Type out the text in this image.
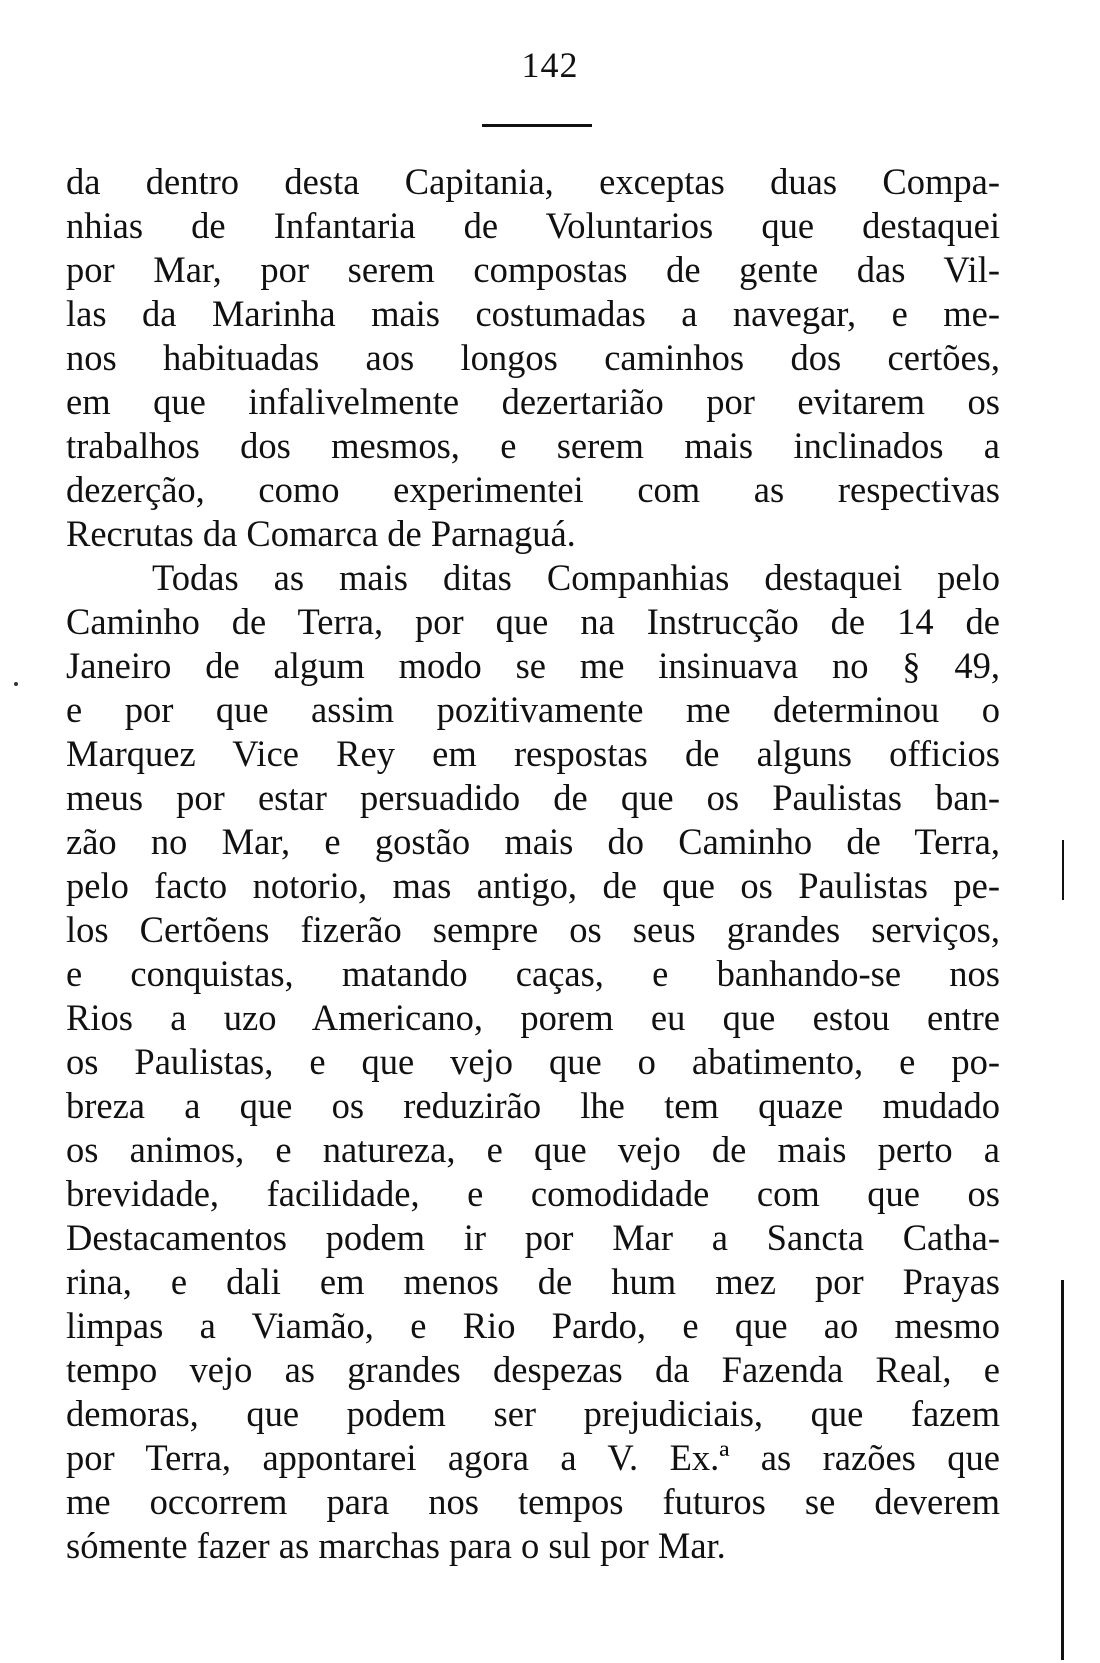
142
da dentro desta Capitania, exceptas duas Compa-
nhias de Infantaria de Voluntarios que destaquei
por Mar, por serem compostas de gente das Vil-
las da Marinha mais costumadas a navegar, e me-
nos habituadas aos longos caminhos dos certões,
em que infalivelmente dezertarião por evitarem os
trabalhos dos mesmos, e serem mais inclinados a
dezerção, como experimentei com as respectivas
Recrutas da Comarca de Parnaguá.
Todas as mais ditas Companhias destaquei pelo
Caminho de Terra, por que na Instrucção de 14 de
Janeiro de algum modo se me insinuava no § 49,
e por que assim pozitivamente me determinou o
Marquez Vice Rey em respostas de alguns officios
meus por estar persuadido de que os Paulistas ban-
zão no Mar, e gostão mais do Caminho de Terra,
pelo facto notorio, mas antigo, de que os Paulistas pe-
los Certõens fizerão sempre os seus grandes serviços,
e conquistas, matando caças, e banhando-se nos
Rios a uzo Americano, porem eu que estou entre
os Paulistas, e que vejo que o abatimento, e po-
breza a que os reduzirão lhe tem quaze mudado
os animos, e natureza, e que vejo de mais perto a
brevidade, facilidade, e comodidade com que os
Destacamentos podem ir por Mar a Sancta Catha-
rina, e dali em menos de hum mez por Prayas
limpas a Viamão, e Rio Pardo, e que ao mesmo
tempo vejo as grandes despezas da Fazenda Real, e
demoras, que podem ser prejudiciais, que fazem
por Terra, appontarei agora a V. Ex.ª as razões que
me occorrem para nos tempos futuros se deverem
sómente fazer as marchas para o sul por Mar.
